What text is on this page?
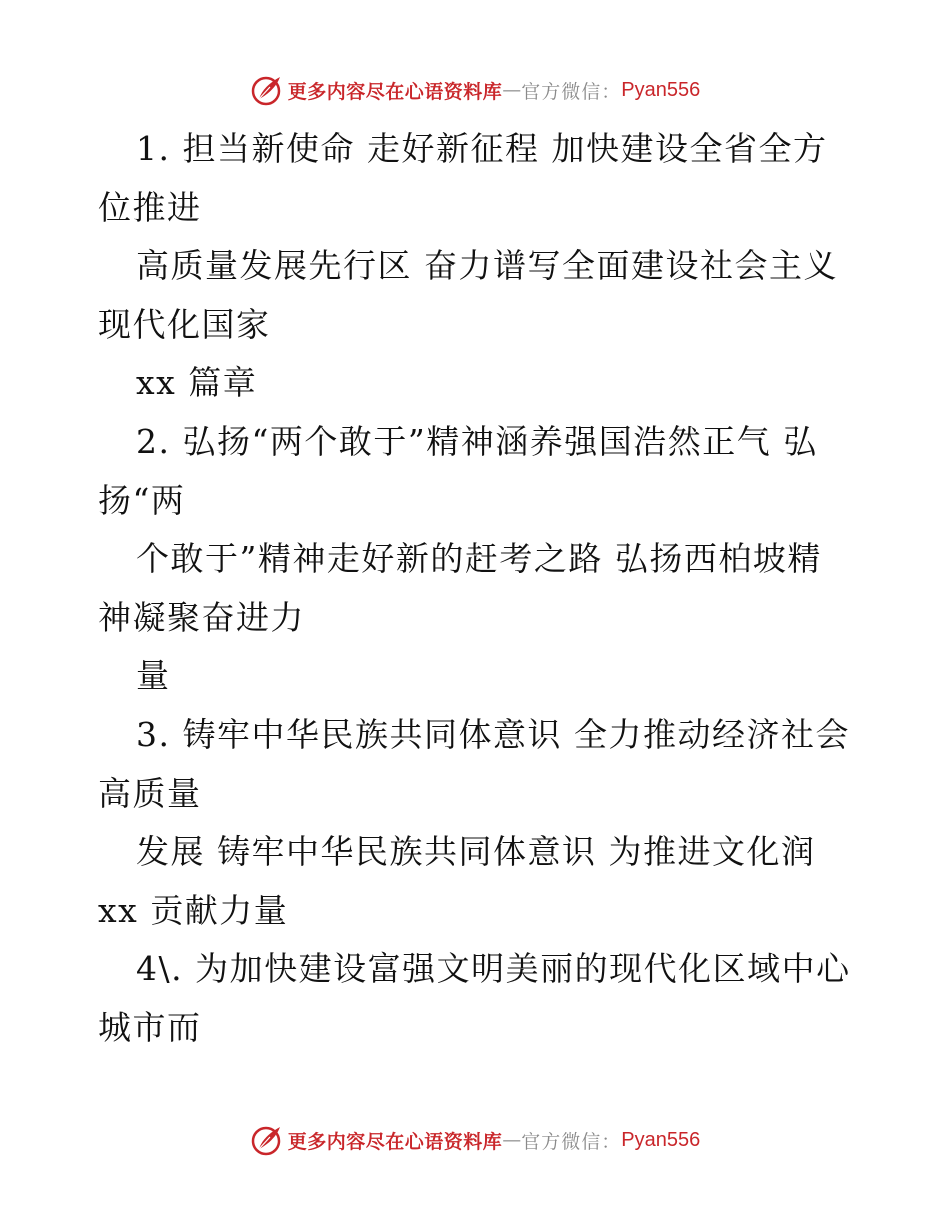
更多内容尽在心语资料库 — 官方微信： Pyan556
1. 担当新使命 走好新征程 加快建设全省全方
位推进
高质量发展先行区 奋力谱写全面建设社会主义
现代化国家
xx 篇章
2. 弘扬“两个敢于”精神涵养强国浩然正气 弘
扬“两
个敢于”精神走好新的赶考之路 弘扬西柏坡精
神凝聚奋进力
量
3. 铸牢中华民族共同体意识 全力推动经济社会
高质量
发展 铸牢中华民族共同体意识 为推进文化润
xx 贡献力量
4\. 为加快建设富强文明美丽的现代化区域中心
城市而
更多内容尽在心语资料库 — 官方微信： Pyan556
